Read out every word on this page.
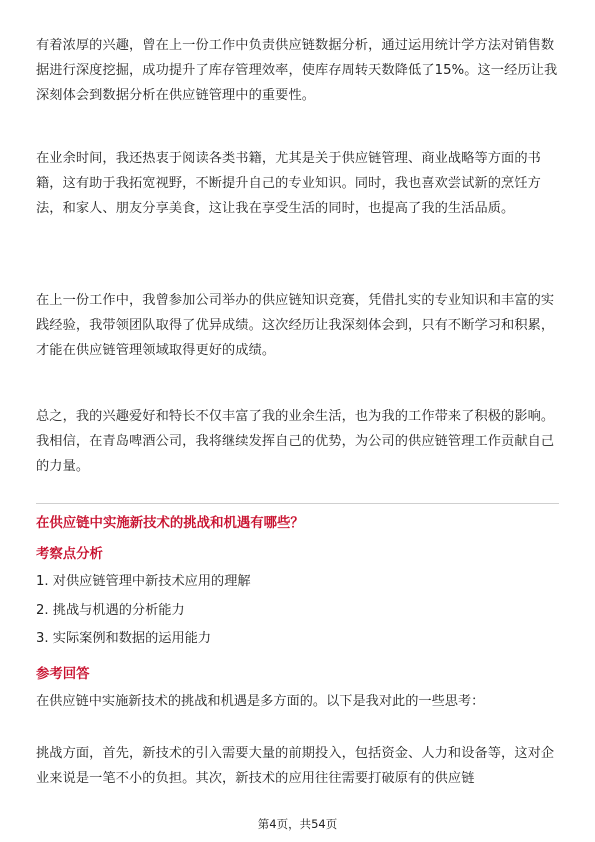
有着浓厚的兴趣，曾在上一份工作中负责供应链数据分析，通过运用统计学方法对销售数据进行深度挖掘，成功提升了库存管理效率，使库存周转天数降低了15%。这一经历让我深刻体会到数据分析在供应链管理中的重要性。

在业余时间，我还热衷于阅读各类书籍，尤其是关于供应链管理、商业战略等方面的书籍，这有助于我拓宽视野，不断提升自己的专业知识。同时，我也喜欢尝试新的烹饪方法，和家人、朋友分享美食，这让我在享受生活的同时，也提高了我的生活品质。

在上一份工作中，我曾参加公司举办的供应链知识竞赛，凭借扎实的专业知识和丰富的实践经验，我带领团队取得了优异成绩。这次经历让我深刻体会到，只有不断学习和积累，才能在供应链管理领域取得更好的成绩。

总之，我的兴趣爱好和特长不仅丰富了我的业余生活，也为我的工作带来了积极的影响。我相信，在青岛啤酒公司，我将继续发挥自己的优势，为公司的供应链管理工作贡献自己的力量。

在供应链中实施新技术的挑战和机遇有哪些？

考察点分析

1. 对供应链管理中新技术应用的理解

2. 挑战与机遇的分析能力

3. 实际案例和数据的运用能力

参考回答

在供应链中实施新技术的挑战和机遇是多方面的。以下是我对此的一些思考：

挑战方面，首先，新技术的引入需要大量的前期投入，包括资金、人力和设备等，这对企业来说是一笔不小的负担。其次，新技术的应用往往需要打破原有的供应链

第4页，共54页
